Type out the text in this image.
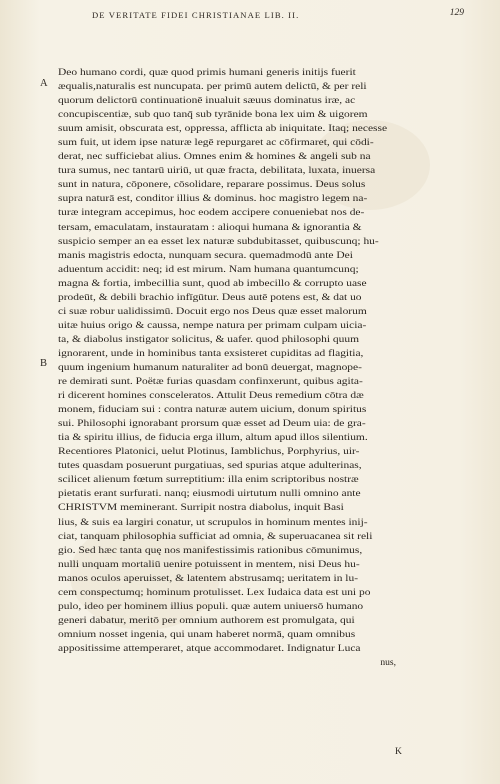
DE VERITATE FIDEI CHRISTIANAE LIB. II.	129
A
B
Deo humano cordi, quæ quod primis humani generis initijs fuerit
æqualis,naturalis est nuncupata. per primū autem delictū, & per reli
quorum delictorū continuationē inualuit sæuus dominatus iræ, ac
concupiscentiæ, sub quo tanq̄ sub tyrānide bona lex uim & uigorem
suum amisit, obscurata est, oppressa, afflicta ab iniquitate. Itaq; necesse
sum fuit, ut idem ipse naturæ legē repurgaret ac cōfirmaret, qui cōdi-
derat, nec sufficiebat alius. Omnes enim & homines & angeli sub na
tura sumus, nec tantarū uiriū, ut quæ fracta, debilitata, luxata, inuersa
sunt in natura, cōponere, cōsolidare, reparare possimus. Deus solus
supra naturā est, conditor illius & dominus. hoc magistro legem na-
turæ integram accepimus, hoc eodem accipere conueniebat nos de-
tersam, emaculatam, instauratam : alioqui humana & ignorantia &
suspicio semper an ea esset lex naturæ subdubitasset, quibuscunq; hu-
manis magistris edocta, nunquam secura. quemadmodū ante Dei
aduentum accidit: neq; id est mirum. Nam humana quantumcunq;
magna & fortia, imbecillia sunt, quod ab imbecillo & corrupto uase
prodeūt, & debili brachio infīgūtur. Deus autē potens est, & dat uo
ci suæ robur ualidissimū. Docuit ergo nos Deus quæ esset malorum
uitæ huius origo & caussa, nempe natura per primam culpam uicia-
ta, & diabolus instigator solicitus, & uafer. quod philosophi quum
ignorarent, unde in hominibus tanta exsisteret cupiditas ad flagitia,
quum ingenium humanum naturaliter ad bonū deuergat, magnope-
re demirati sunt. Poëtæ furias quasdam confinxerunt, quibus agita-
ri dicerent homines consceleratos. Attulit Deus remedium cōtra dæ
monem, fiduciam sui : contra naturæ autem uicium, donum spiritus
sui. Philosophi ignorabant prorsum quæ esset ad Deum uia: de gra-
tia & spiritu illius, de fiducia erga illum, altum apud illos silentium.
Recentiores Platonici, uelut Plotinus, Iamblichus, Porphyrius, uir-
tutes quasdam posuerunt purgatiuas, sed spurias atque adulterinas,
scilicet alienum fœtum surreptitium: illa enim scriptoribus nostræ
pietatis erant surfurati. nanq; eiusmodi uirtutum nulli omnino ante
CHRISTVM meminerant. Surripit nostra diabolus, inquit Basi
lius, & suis ea largiri conatur, ut scrupulos in hominum mentes inij-
ciat, tanquam philosophia sufficiat ad omnia, & superuacanea sit reli
gio. Sed hæc tanta quę nos manifestissimis rationibus cōmunimus,
nulli unquam mortaliū uenire potuissent in mentem, nisi Deus hu-
manos oculos aperuisset, & latentem abstrusamq; ueritatem in lu-
cem conspectumq; hominum protulisset. Lex Iudaica data est uni po
pulo, ideo per hominem illius populi. quæ autem uniuersō humano
generi dabatur, meritō per omnium authorem est promulgata, qui
omnium nosset ingenia, qui unam haberet normā, quam omnibus
appositissime attemperaret, atque accommodaret. Indignatur Luca
nus,
K
